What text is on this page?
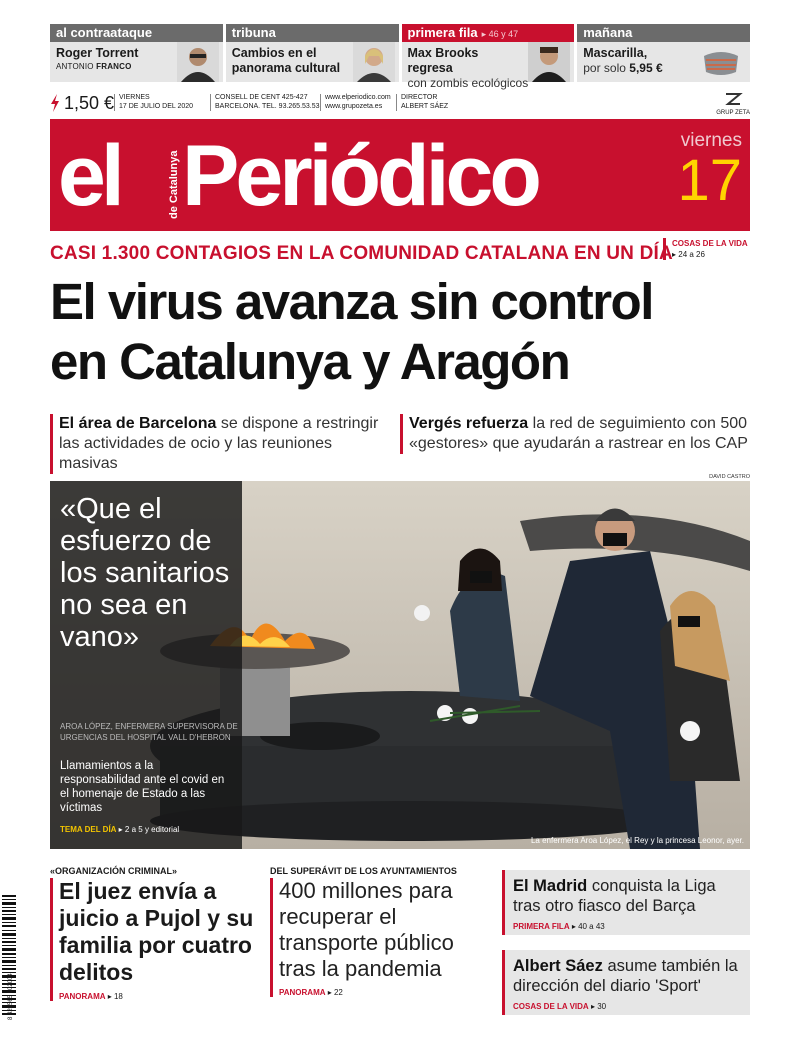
al contraataque
Roger Torrent
ANTONIO FRANCO
tribuna
Cambios en el panorama cultural
primera fila ▸ 46 y 47
Max Brooks regresa
con zombis ecológicos
mañana
Mascarilla,
por solo 5,95 €
1,50 € VIERNES
17 DE JULIO DEL 2020
CONSELL DE CENT 425-427
BARCELONA. TEL. 93.265.53.53
www.elperiodico.com
www.grupozeta.es
DIRECTOR
ALBERT SÁEZ
GRUP ZETA
el	de Catalunya Periódico	viernes
17
CASI 1.300 CONTAGIOS EN LA COMUNIDAD CATALANA EN UN DÍA COSAS DE LA VIDA
▸ 24 a 26
El virus avanza sin control
en Catalunya y Aragón
El área de Barcelona se dispone a restringir
las actividades de ocio y las reuniones masivas
Vergés refuerza la red de seguimiento con 500
«gestores» que ayudarán a rastrear en los CAP
DAVID CASTRO
«Que el esfuerzo de los sanitarios no sea en vano»
AROA LÓPEZ, ENFERMERA SUPERVISORA DE URGENCIAS DEL HOSPITAL VALL D'HEBRON
Llamamientos a la responsabilidad ante el covid en el homenaje de Estado a las víctimas
TEMA DEL DÍA ▸ 2 a 5 y editorial
La enfermera Aroa López, el Rey y la princesa Leonor, ayer.
«ORGANIZACIÓN CRIMINAL»
El juez envía a juicio a Pujol y su familia por cuatro delitos
PANORAMA ▸ 18
DEL SUPERÁVIT DE LOS AYUNTAMIENTOS
400 millones para recuperar el transporte público tras la pandemia
PANORAMA ▸ 22
El Madrid conquista la Liga tras otro fiasco del Barça
PRIMERA FILA ▸ 40 a 43
Albert Sáez asume también la dirección del diario 'Sport'
COSAS DE LA VIDA ▸ 30
8 420565 002004
